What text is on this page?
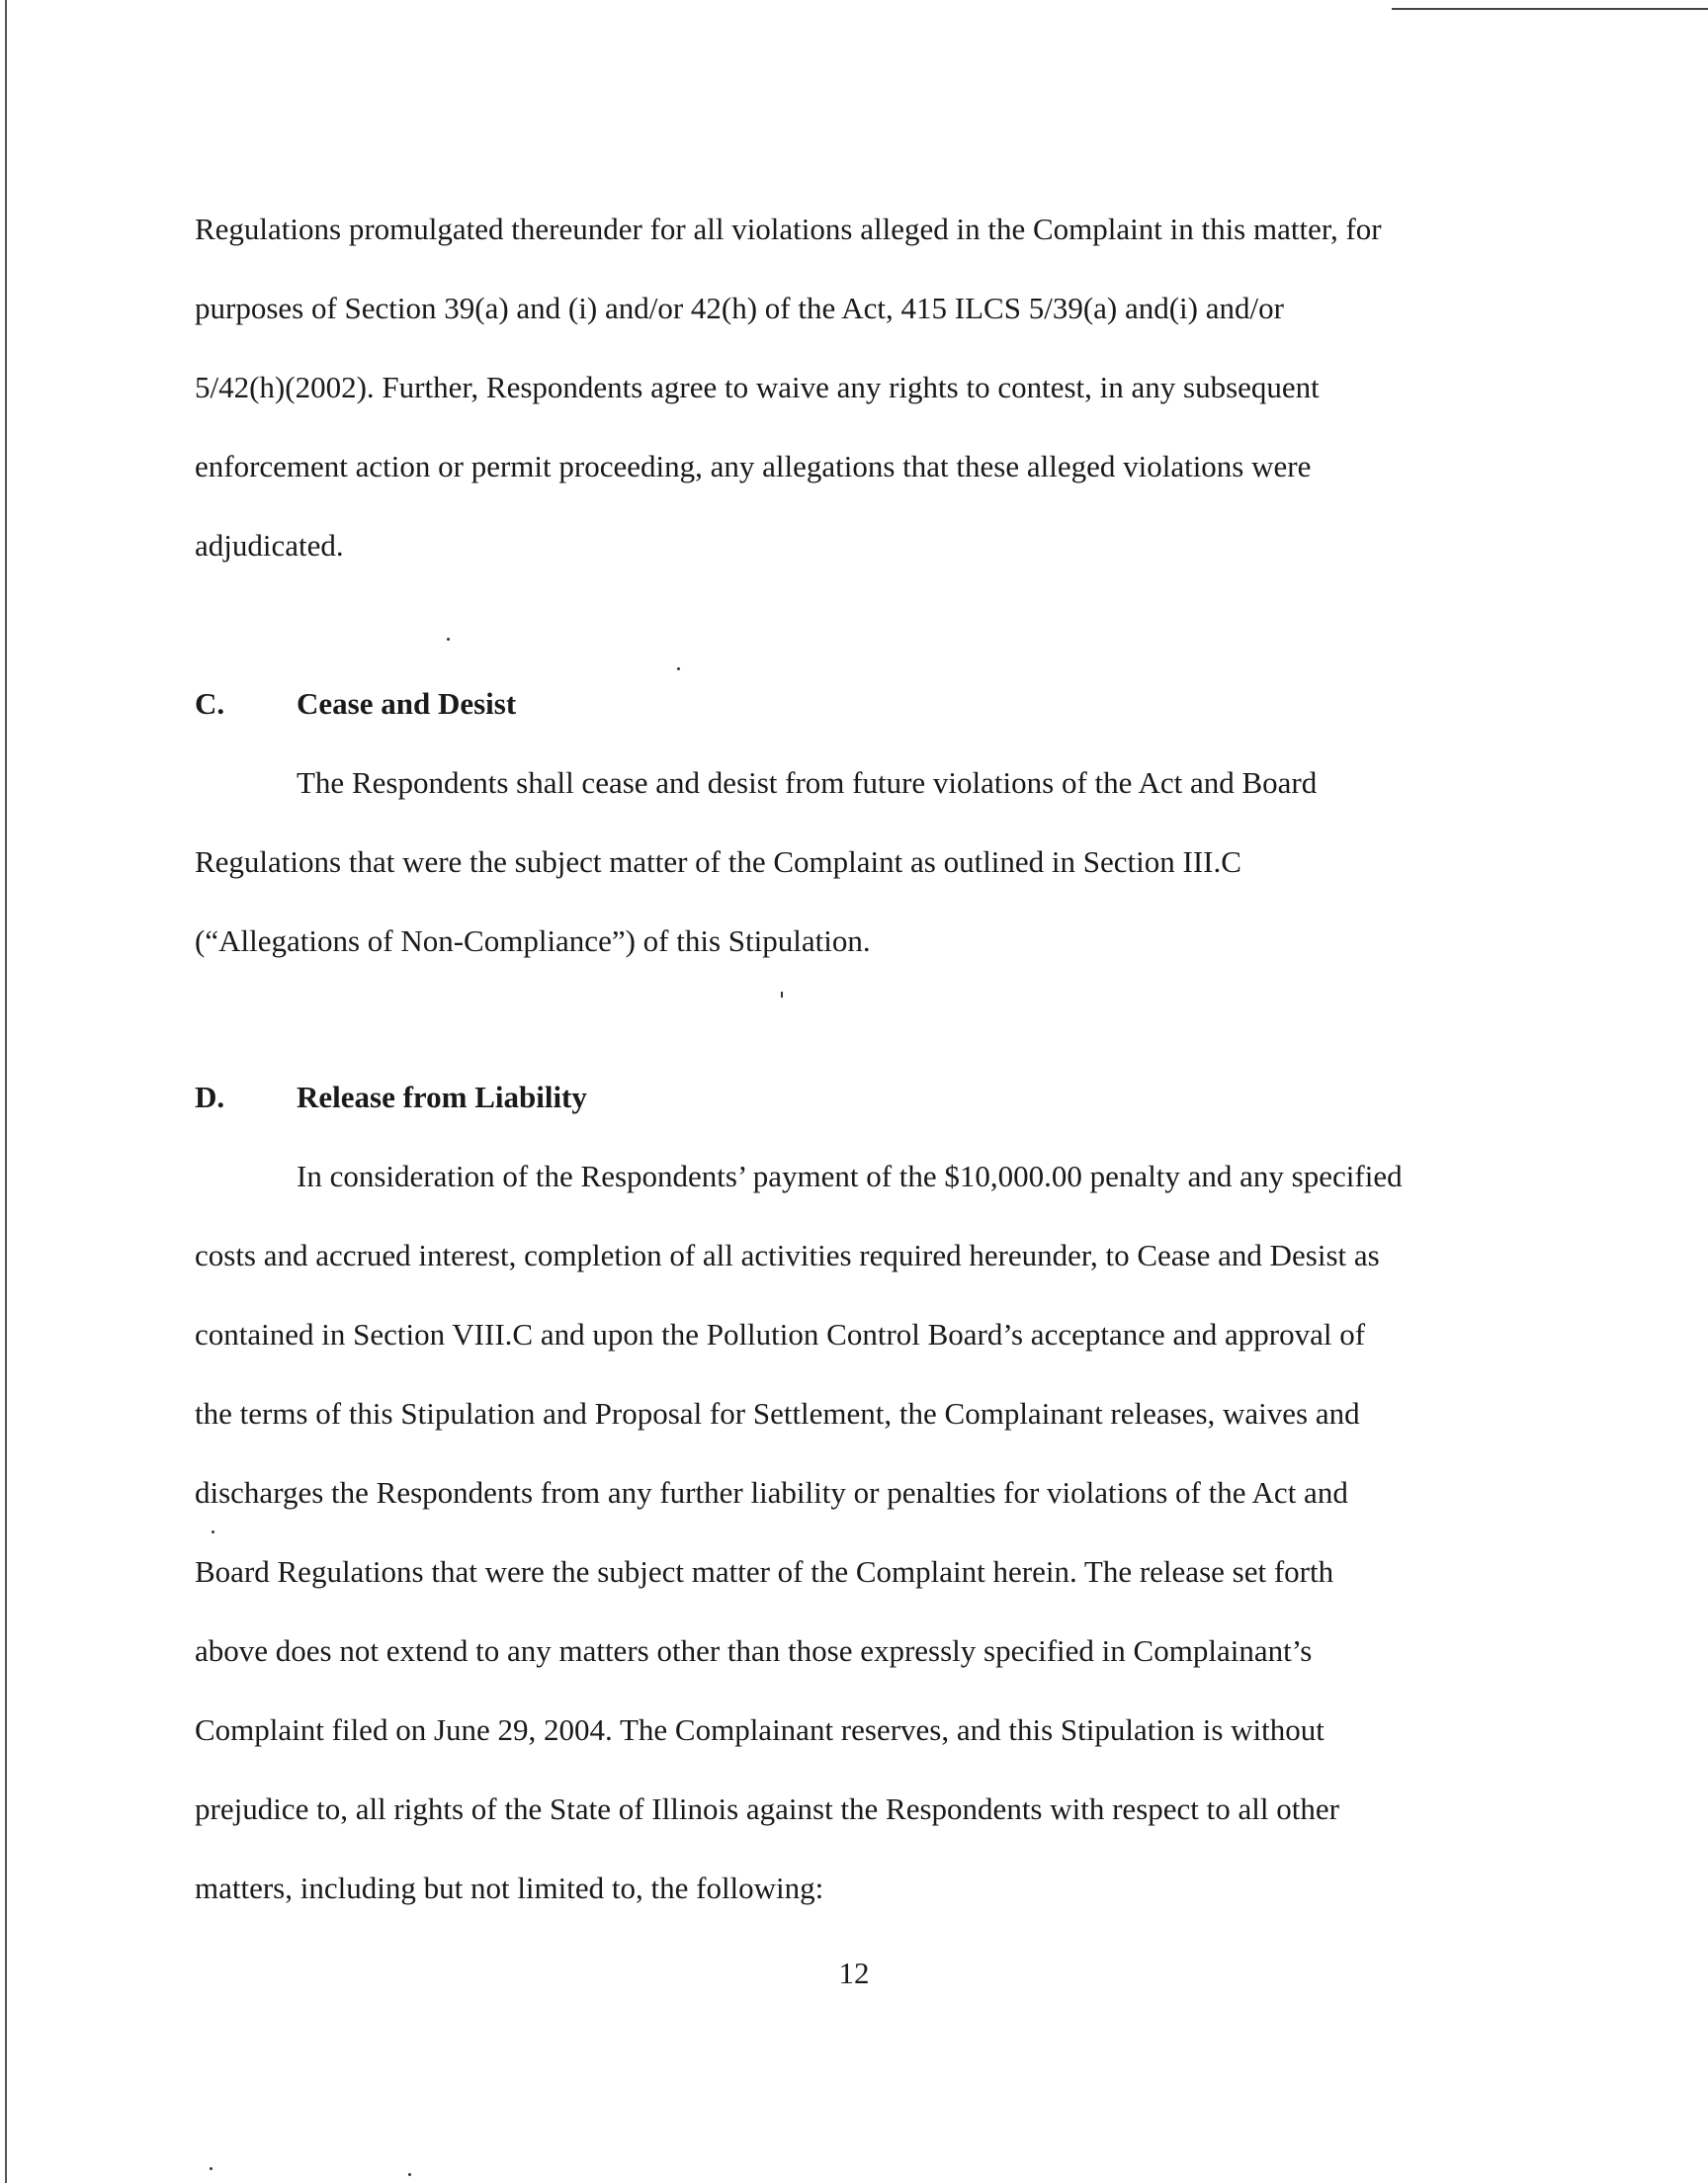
Regulations promulgated thereunder for all violations alleged in the Complaint in this matter, for

purposes of Section 39(a) and (i) and/or 42(h) of the Act, 415 ILCS 5/39(a) and(i) and/or

5/42(h)(2002). Further, Respondents agree to waive any rights to contest, in any subsequent

enforcement action or permit proceeding, any allegations that these alleged violations were

adjudicated.

C. Cease and Desist

The Respondents shall cease and desist from future violations of the Act and Board

Regulations that were the subject matter of the Complaint as outlined in Section III.C

(“Allegations of Non-Compliance”) of this Stipulation.

D. Release from Liability

In consideration of the Respondents’ payment of the $10,000.00 penalty and any specified

costs and accrued interest, completion of all activities required hereunder, to Cease and Desist as

contained in Section VIII.C and upon the Pollution Control Board’s acceptance and approval of

the terms of this Stipulation and Proposal for Settlement, the Complainant releases, waives and

discharges the Respondents from any further liability or penalties for violations of the Act and

Board Regulations that were the subject matter of the Complaint herein. The release set forth

above does not extend to any matters other than those expressly specified in Complainant’s

Complaint filed on June 29, 2004. The Complainant reserves, and this Stipulation is without

prejudice to, all rights of the State of Illinois against the Respondents with respect to all other

matters, including but not limited to, the following:

12
